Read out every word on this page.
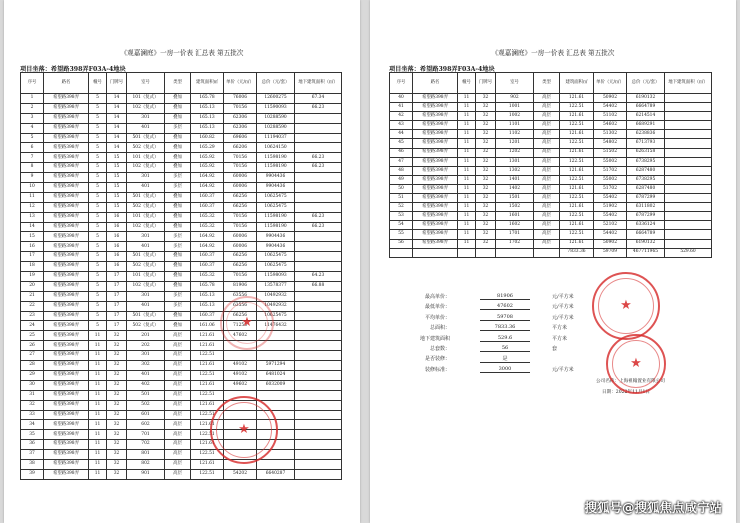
《观嘉澜庭》一房一价表 汇总表 第五批次
项目坐落：希望路398弄F03A-4地块
序号	路名	幢号	门牌号	室号	类型	建筑面积㎡	单价（元/㎡）	总价（元/套）	地下建筑面积（㎡）
1	希望路398弄	5	14	101（复式）	叠加	165.78	76006	12600275	67.34
2	希望路398弄	5	14	102（复式）	叠加	165.13	70156	11590093	66.23
3	希望路398弄	5	14	301	叠加	165.13	62306	10288590	
4	希望路398弄	5	14	401	多层	165.13	62306	10288590	
5	希望路398弄	5	14	501（复式）	叠加	160.82	69606	11194037	
6	希望路398弄	5	14	502（复式）	叠加	165.29	66206	10624150	
7	希望路398弄	5	15	101（复式）	叠加	165.92	70156	11598190	66.23
8	希望路398弄	5	15	102（复式）	叠加	165.92	70156	11598190	66.23
9	希望路398弄	5	15	301	多层	164.92	60006	9904436	
10	希望路398弄	5	15	401	多层	164.92	60006	9904436	
11	希望路398弄	5	15	501（复式）	叠加	160.37	66256	10625475	
12	希望路398弄	5	15	502（复式）	叠加	160.37	66256	10625475	
13	希望路398弄	5	16	101（复式）	叠加	165.32	70156	11598190	66.23
14	希望路398弄	5	16	102（复式）	叠加	165.32	70156	11598190	66.23
15	希望路398弄	5	16	301	多层	164.92	60006	9904436	
16	希望路398弄	5	16	401	多层	164.92	60006	9904436	
17	希望路398弄	5	16	501（复式）	叠加	160.37	66256	10625475	
18	希望路398弄	5	16	502（复式）	叠加	160.37	66256	10625475	
19	希望路398弄	5	17	101（复式）	叠加	165.32	70156	11598093	64.23
20	希望路398弄	5	17	102（复式）	叠加	165.78	81906	13578377	66.88
21	希望路398弄	5	17	301	多层	165.13	63556	10492932	
22	希望路398弄	5	17	401	多层	165.13	63556	10492932	
23	希望路398弄	5	17	501（复式）	叠加	160.37	66256	10625475	
24	希望路398弄	5	17	502（复式）	叠加	161.06	71256	11476432	
25	希望路398弄	11	32	201	高层	121.61	47602		
26	希望路398弄	11	32	202	高层	121.61			
27	希望路398弄	11	32	301	高层	122.51			
28	希望路398弄	11	32	302	高层	121.61	49102	5971294	
29	希望路398弄	11	32	401	高层	122.51	49102	6481024	
30	希望路398弄	11	32	402	高层	121.61	49602	6032009	
31	希望路398弄	11	32	501	高层	122.51			
32	希望路398弄	11	32	502	高层	121.61			
33	希望路398弄	11	32	601	高层	122.51			
34	希望路398弄	11	32	602	高层	121.61			
35	希望路398弄	11	32	701	高层	122.51			
36	希望路398弄	11	32	702	高层	121.61			
37	希望路398弄	11	32	801	高层	122.51			
38	希望路398弄	11	32	802	高层	121.61			
39	希望路398弄	11	32	901	高层	122.51	54202	6640287	
★
★
《观嘉澜庭》一房一价表 汇总表 第五批次
项目坐落：希望路398弄F03A-4地块
序号	路名	幢号	门牌号	室号	类型	建筑面积㎡	单价（元/㎡）	总价（元/套）	地下建筑面积（㎡）
40	希望路398弄	11	32	902	高层	121.61	50902	6190132	
41	希望路398弄	11	32	1001	高层	122.51	54402	6664789	
42	希望路398弄	11	32	1002	高层	121.61	51102	6214514	
43	希望路398弄	11	32	1101	高层	122.51	54602	6689291	
44	希望路398弄	11	32	1102	高层	121.61	51302	6238836	
45	希望路398弄	11	32	1201	高层	122.51	54802	6713793	
46	希望路398弄	11	32	1202	高层	121.61	51502	6263158	
47	希望路398弄	11	32	1301	高层	122.51	55002	6738295	
48	希望路398弄	11	32	1302	高层	121.61	51702	6287480	
49	希望路398弄	11	32	1401	高层	122.51	55002	6738295	
50	希望路398弄	11	32	1402	高层	121.61	51702	6287480	
51	希望路398弄	11	32	1501	高层	122.51	55402	6787299	
52	希望路398弄	11	32	1502	高层	121.61	51902	6311802	
53	希望路398弄	11	32	1601	高层	122.51	55402	6787299	
54	希望路398弄	11	32	1602	高层	121.61	52102	6336124	
55	希望路398弄	11	32	1701	高层	122.51	54402	6664789	
56	希望路398弄	11	32	1702	高层	121.61	50902	6190132	
						7833.36	59709	467711965	529.60
最高单价：	81906	元/平方米
最低单价：	47602	元/平方米
平均单价：	59708	元/平方米
总面积：	7833.36	平方米
地下建筑面积	529.6	平方米
总套数：	56	套
是否装修：	是
装修标准：	3000	元/平方米
公司名称：上海祖翰置业有限公司
日期：2022年11月1日
★
★
搜狐号@搜狐焦点咸宁站
